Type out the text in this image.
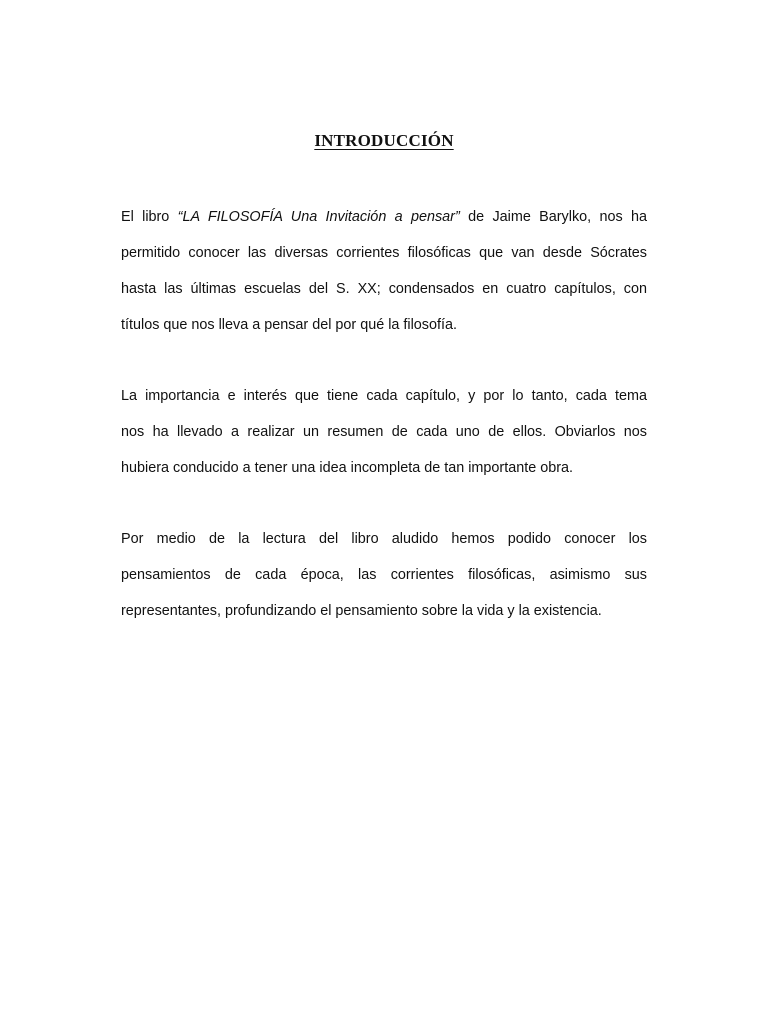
INTRODUCCIÓN
El libro “LA FILOSOFÍA Una Invitación a pensar” de Jaime Barylko, nos ha
permitido conocer las diversas corrientes filosóficas que van desde Sócrates
hasta las últimas escuelas del S. XX; condensados en cuatro capítulos, con
títulos que nos lleva a pensar del por qué la filosofía.
La importancia e interés que tiene cada capítulo, y por lo tanto, cada tema
nos ha llevado a realizar un resumen de cada uno de ellos. Obviarlos nos
hubiera conducido a tener una idea incompleta de tan importante obra.
Por medio de la lectura del libro aludido hemos podido conocer los
pensamientos de cada época, las corrientes filosóficas, asimismo sus
representantes, profundizando el pensamiento sobre la vida y la existencia.
